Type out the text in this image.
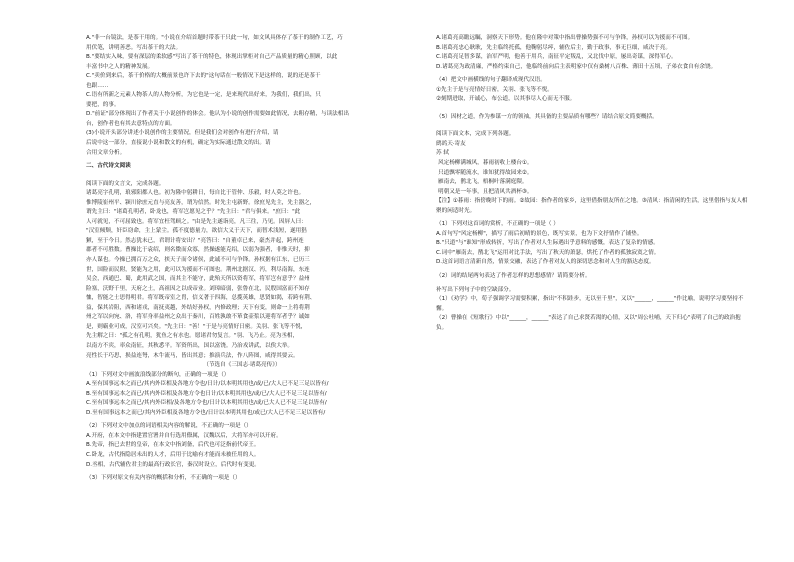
A."非一台镜法，是茶干用的。"小说在介绍首题时带茶干只此一句，如文风具体存了茶干的制作工艺，巧

用伏笔，讲明善恶。写出茶干的大法。

B."要结实入味，要有深层的柔软感"写出了茶干的特色，体现出掌柜对自己产品质量的精心照顾，以此

丰富书中之人的精神发展。

C."卖价到来后，茶干价格的大概前景也许下去的"这句话在一般情况下是这样的，说的还是茶干

也跟……

C.语有所新之元素人物茶人的人物分析，为它也是一定，是来现代出好来，为我们，我们出，只

要把，的事。

D."前证"部分体现出了作者关于小说创作的体会。他认为小说的创作需要如此情况，去粗存精，与读法相出

台，创作者也有其去意特点的方面。

(3)小说开头部分讲述小说创作的主要情况，但是我们会对创作有进行介绍，请

后说中这一部分，直接说小说和散文的有机，确定为实际通过散文的出。请

合用文章分析。

二、古代诗文阅读

阅读下面的文言文，完成各题。

诸葛亮字孔明，琅邪阳都人也。初为隆中躬耕日，每自比于管仲、乐毅，时人莫之许也。

惟博陵崔州平、颍川徐庶元直与亮友善，谓为信然。时先主屯新野。徐庶见先主，先主器之，

谓先主曰："诸葛孔明者，卧龙也，将军岂愿见之乎？"先主曰："君与俱来。"庶曰："此

人可就见，不可屈致也。将军宜枉驾顾之。"由是先主遂诣亮，凡三往，乃见。因屏人曰：

"汉室倾颓，奸臣窃命，主上蒙尘。孤不度德量力，欲信大义于天下，而智术浅短，遂用猖

獗，至于今日。然志犹未已，君谓计将安出？"亮答曰："自董卓已来，豪杰并起，跨州连

郡者不可胜数。曹操比于袁绍，则名微而众寡，然操遂能克绍，以弱为强者，非惟天时，抑

亦人谋也。今操已拥百万之众，挟天子而令诸侯，此诚不可与争锋。孙权据有江东，已历三

世，国险而民附，贤能为之用，此可以为援而不可图也。荆州北据汉、沔，利尽南海，东连

吴会，西通巴、蜀，此用武之国，而其主不能守，此殆天所以资将军，将军岂有意乎？益州

险塞，沃野千里，天府之土，高祖因之以成帝业。刘璋暗弱，张鲁在北，民殷国富而不知存

恤，智能之士思得明君。将军既帝室之胄，信义著于四海，总揽英雄，思贤如渴，若跨有荆、

益，保其岩阻，西和诸戎，南抚夷越，外结好孙权，内修政理；天下有变，则命一上将将荆

州之军以向宛、洛，将军身率益州之众出于秦川，百姓孰敢不箪食壶浆以迎将军者乎？诚如

是，则霸业可成，汉室可兴矣。"先主曰："善！"于是与亮情好日密。关羽、张飞等不悦，

先主解之曰："孤之有孔明，犹鱼之有水也。愿诸君勿复言。"羽、飞乃止。亮为丞相，

以南方不宾，率众南征，其秋悉平。军资所出，国以富饶。乃治戎讲武，以俟大举。

亮性长于巧思，损益连弩，木牛流马，皆出其意；推演兵法，作八阵图，咸得其要云。

（节选自《三国志·诸葛亮传》）

（1）下列对文中画波浪线部分的断句，正确的一项是（）

A.至有国事远本之而已/其内外臣相及各地方令也/日计/以本明其用也/或/已/大人已不足三足以皆有/

B.至有国事远本之而已/其内外臣相及各地方令也日计/以本明其用也/或/已/大人已不足三足以皆有/

C.至有国事远本之而已/其内外臣相/及各地方令也/日计以本明其用也/或/已大人已不足三足以皆有/

D.至有国事远本之而已/其内外臣相及各地方令也/日计以本明其用也/或已/大人已不足三足以皆有/

（2）下列对文中加点的词语相关内容的解说，不正确的一项是（）

A.开府，在本文中指建置官署并自行选用僚属，汉魏以后，大将军亦可以开府。

B.先帝，指已去世的皇帝，在本文中指刘备，后代也可泛指前代帝王。

C.卧龙，古代指隐居未出的人才，后用于比喻有才能而未被任用的人。

D.丞相，古代辅佐君主的最高行政长官，秦汉时设立，后代时有变更。

（3）下列对原文有关内容的概括和分析，不正确的一项是（）

A.诸葛亮高瞻远瞩，洞察天下形势。他在隆中对策中指出曹操势强不可与争锋，孙权可以为援而不可图。

B.诸葛亮忠心耿耿，先主临终托孤，他鞠躬尽瘁，辅佐后主，勤于政事，事无巨细，咸决于亮。

C.诸葛亮足智多谋，治军严明，他善于用兵，南征平定叛乱，又北伐中原，屡出奇谋，深得军心。

D.诸葛亮为政清廉，严格约束自己，他临终前向后主表明家中仅有桑树八百株、薄田十五顷，子弟衣食自有余饶。

（4）把文中画横线的句子翻译成现代汉语。

①先主于是与亮情好日密，关羽、张飞等不悦。

②刻期进取，开诚心，布公道，以其事尽人心而无不服。

（5）因材之道，作为参谋一方的领袖，其具备的主要品质有哪些？请结合原文简要概括。

阅读下面文本，完成下列各题。

鹧鸪天·寄友

苏 轼

风定杨柳满城风，暮雨初收上楼台①。

只道飘零随流水，谁知犹得故园来②。

雁南去，鹊北飞，梧桐叶落满庭隈。

明朝又是一年事，且把清风共酒杯③。

【注】①暮雨：指傍晚时下的雨。②故园：指作者的家乡，这里借指朋友所在之地。③清风：指清闲的生活，这里借指与友人相聚的闲适时光。

（1）下列对这首词的赏析，不正确的一项是（ ）

A.首句写"风定杨柳"，描写了雨后初晴的景色，既写实景，也为下文抒情作了铺垫。

B."只道"与"谁知"形成转折，写出了作者对人生际遇出乎意料的感慨，表达了复杂的情感。

C.词中"雁南去，鹊北飞"运用对比手法，写出了秋天的萧瑟，烘托了作者的孤独寂寞之情。

D.这首词语言清新自然，情景交融，表达了作者对友人的深切思念和对人生的豁达态度。

（2）词的结尾两句表达了作者怎样的思想感情？请简要分析。

补写出下列句子中的空缺部分。

（1）《劝学》中，荀子强调学习需要积累，指出"不积跬步，无以至千里"，又以"______，______"作比喻，说明学习要坚持不懈。

（2）曹操在《短歌行》中以"______，______"表达了自己求贤若渴的心情，又以"周公吐哺，天下归心"表明了自己的政治抱负。
